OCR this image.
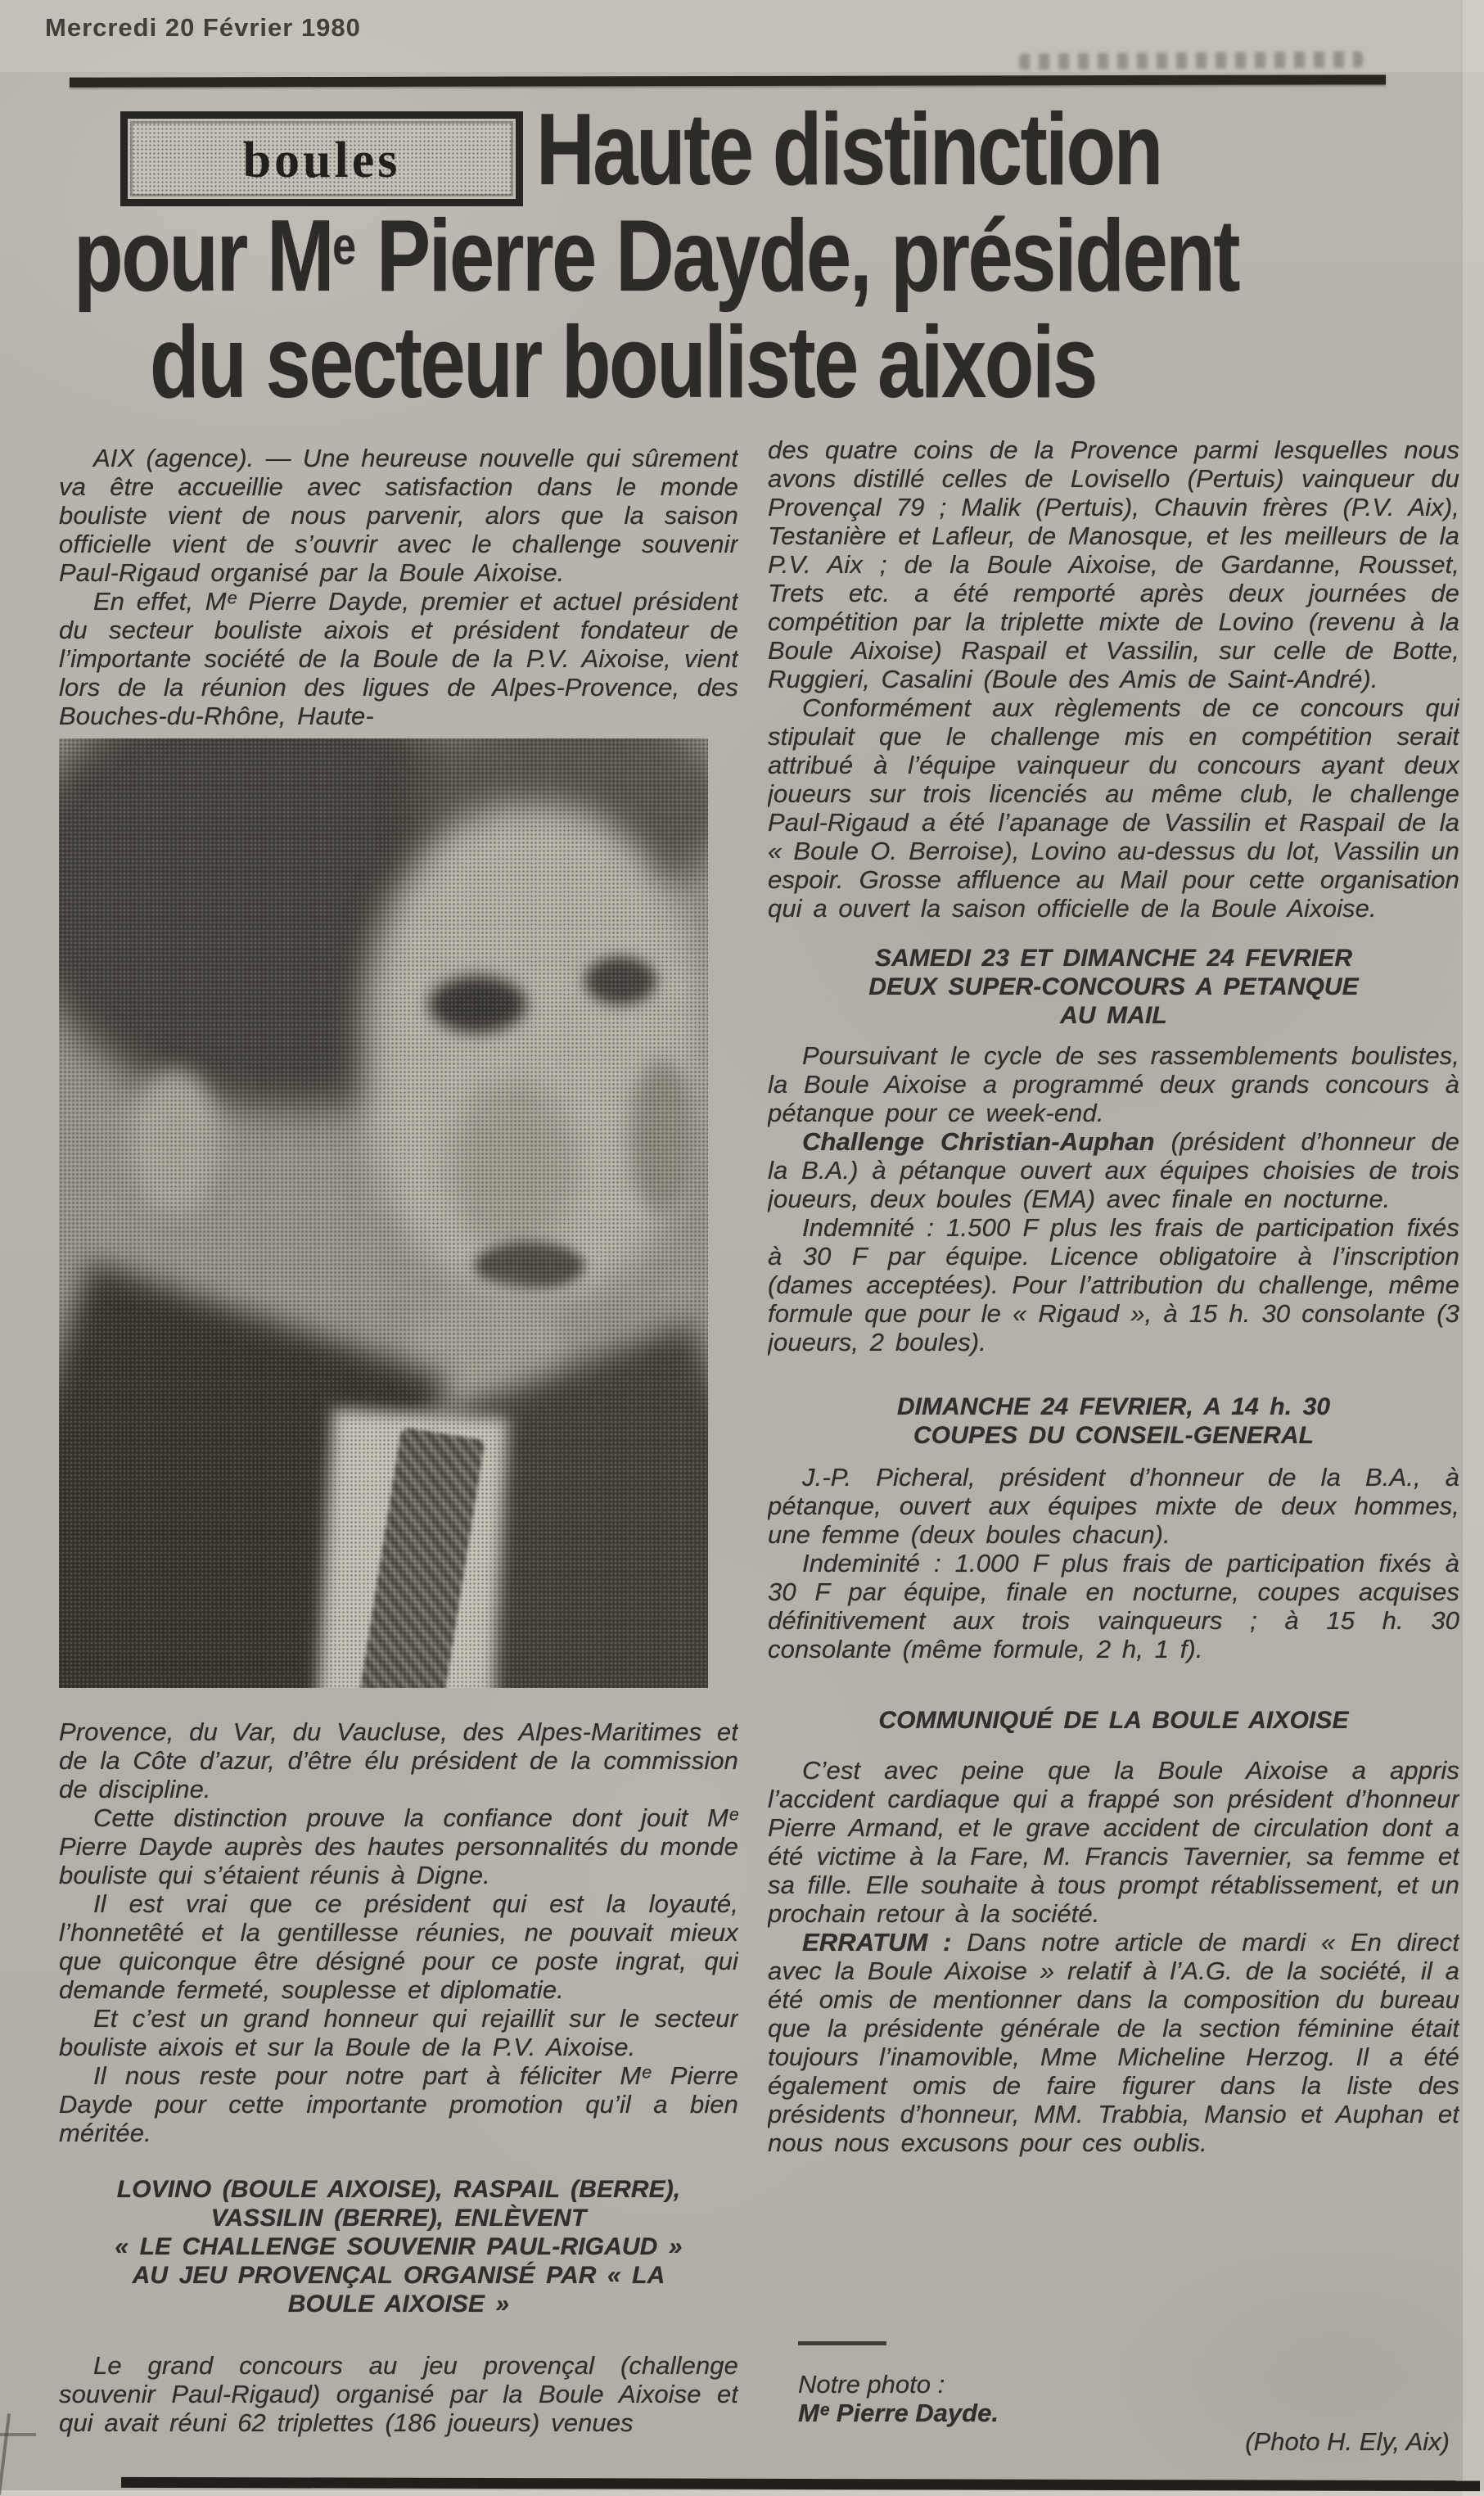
Mercredi 20 Février 1980
boules Haute distinction
pour Me Pierre Dayde, président
du secteur bouliste aixois

AIX (agence). — Une heureuse nouvelle qui sûrement va être accueillie avec satisfaction dans le monde bouliste vient de nous parvenir, alors que la saison officielle vient de s’ouvrir avec le challenge souvenir Paul-Rigaud organisé par la Boule Aixoise.

En effet, Mᵉ Pierre Dayde, premier et actuel président du secteur bouliste aixois et président fondateur de l’importante société de la Boule de la P.V. Aixoise, vient lors de la réunion des ligues de Alpes-Provence, des Bouches-du-Rhône, Haute-

Provence, du Var, du Vaucluse, des Alpes-Maritimes et de la Côte d’azur, d’être élu président de la commission de discipline.

Cette distinction prouve la confiance dont jouit Mᵉ Pierre Dayde auprès des hautes personnalités du monde bouliste qui s’étaient réunis à Digne.

Il est vrai que ce président qui est la loyauté, l’honnetêté et la gentillesse réunies, ne pouvait mieux que quiconque être désigné pour ce poste ingrat, qui demande fermeté, souplesse et diplomatie.

Et c’est un grand honneur qui rejaillit sur le secteur bouliste aixois et sur la Boule de la P.V. Aixoise.

Il nous reste pour notre part à féliciter Mᵉ Pierre Dayde pour cette importante promotion qu’il a bien méritée.

LOVINO (BOULE AIXOISE), RASPAIL (BERRE),
VASSILIN (BERRE), ENLÈVENT
« LE CHALLENGE SOUVENIR PAUL-RIGAUD »
AU JEU PROVENÇAL ORGANISÉ PAR « LA
BOULE AIXOISE »

Le grand concours au jeu provençal (challenge souvenir Paul-Rigaud) organisé par la Boule Aixoise et qui avait réuni 62 triplettes (186 joueurs) venues

des quatre coins de la Provence parmi lesquelles nous avons distillé celles de Lovisello (Pertuis) vainqueur du Provençal 79 ; Malik (Pertuis), Chauvin frères (P.V. Aix), Testanière et Lafleur, de Manosque, et les meilleurs de la P.V. Aix ; de la Boule Aixoise, de Gardanne, Rousset, Trets etc. a été remporté après deux journées de compétition par la triplette mixte de Lovino (revenu à la Boule Aixoise) Raspail et Vassilin, sur celle de Botte, Ruggieri, Casalini (Boule des Amis de Saint-André).

Conformément aux règlements de ce concours qui stipulait que le challenge mis en compétition serait attribué à l’équipe vainqueur du concours ayant deux joueurs sur trois licenciés au même club, le challenge Paul-Rigaud a été l’apanage de Vassilin et Raspail de la « Boule O. Berroise), Lovino au-dessus du lot, Vassilin un espoir. Grosse affluence au Mail pour cette organisation qui a ouvert la saison officielle de la Boule Aixoise.

SAMEDI 23 ET DIMANCHE 24 FEVRIER
DEUX SUPER-CONCOURS A PETANQUE
AU MAIL

Poursuivant le cycle de ses rassemblements boulistes, la Boule Aixoise a programmé deux grands concours à pétanque pour ce week-end.

Challenge Christian-Auphan (président d’honneur de la B.A.) à pétanque ouvert aux équipes choisies de trois joueurs, deux boules (EMA) avec finale en nocturne.

Indemnité : 1.500 F plus les frais de participation fixés à 30 F par équipe. Licence obligatoire à l’inscription (dames acceptées). Pour l’attribution du challenge, même formule que pour le « Rigaud », à 15 h. 30 consolante (3 joueurs, 2 boules).

DIMANCHE 24 FEVRIER, A 14 h. 30
COUPES DU CONSEIL-GENERAL

J.-P. Picheral, président d’honneur de la B.A., à pétanque, ouvert aux équipes mixte de deux hommes, une femme (deux boules chacun).

Indeminité : 1.000 F plus frais de participation fixés à 30 F par équipe, finale en nocturne, coupes acquises définitivement aux trois vainqueurs ; à 15 h. 30 consolante (même formule, 2 h, 1 f).

COMMUNIQUÉ DE LA BOULE AIXOISE

C’est avec peine que la Boule Aixoise a appris l’accident cardiaque qui a frappé son président d’honneur Pierre Armand, et le grave accident de circulation dont a été victime à la Fare, M. Francis Tavernier, sa femme et sa fille. Elle souhaite à tous prompt rétablissement, et un prochain retour à la société.

ERRATUM : Dans notre article de mardi « En direct avec la Boule Aixoise » relatif à l’A.G. de la société, il a été omis de mentionner dans la composition du bureau que la présidente générale de la section féminine était toujours l’inamovible, Mme Micheline Herzog. Il a été également omis de faire figurer dans la liste des présidents d’honneur, MM. Trabbia, Mansio et Auphan et nous nous excusons pour ces oublis.

Notre photo :

Mᵉ Pierre Dayde.

(Photo H. Ely, Aix)
